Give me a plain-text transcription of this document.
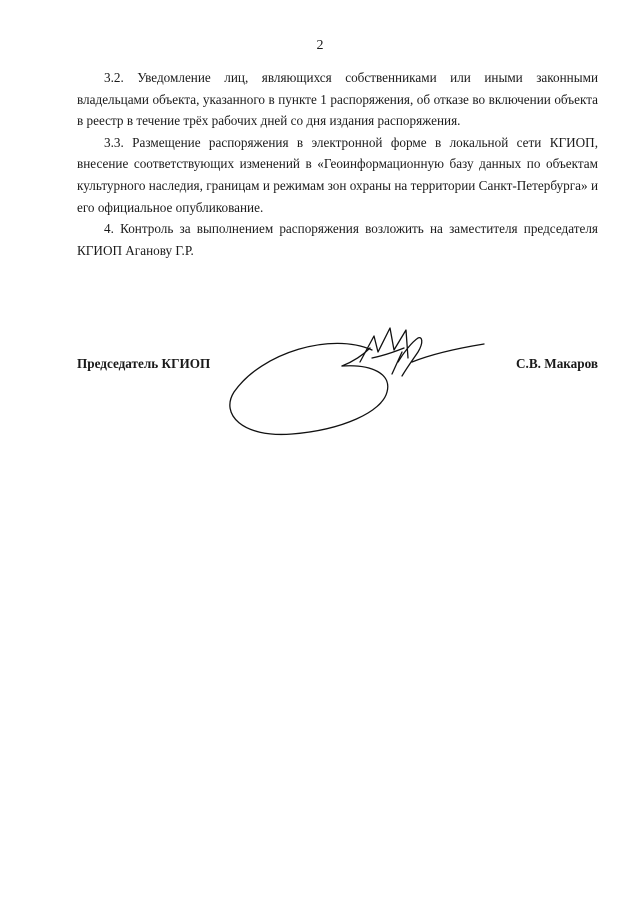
2

3.2. Уведомление лиц, являющихся собственниками или иными законными владельцами объекта, указанного в пункте 1 распоряжения, об отказе во включении объекта в реестр в течение трёх рабочих дней со дня издания распоряжения.

3.3. Размещение распоряжения в электронной форме в локальной сети КГИОП, внесение соответствующих изменений в «Геоинформационную базу данных по объектам культурного наследия, границам и режимам зон охраны на территории Санкт-Петербурга» и его официальное опубликование.

4. Контроль за выполнением распоряжения возложить на заместителя председателя КГИОП Аганову Г.Р.

Председатель КГИОП	С.В. Макаров
